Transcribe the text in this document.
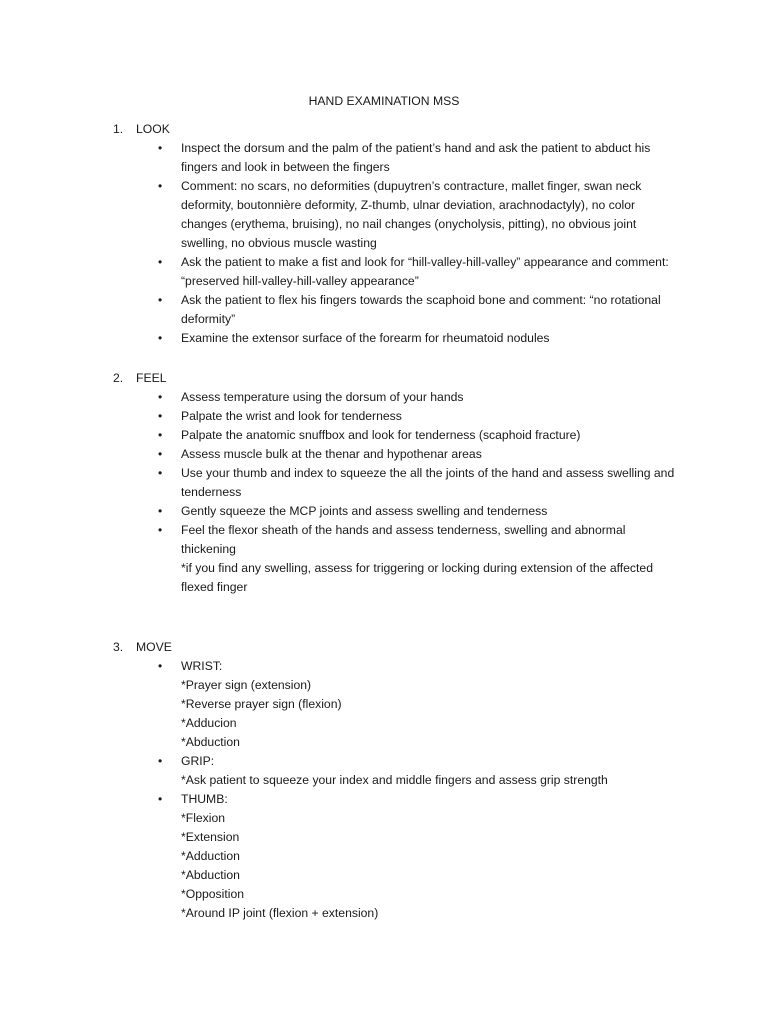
HAND EXAMINATION MSS
1. LOOK
• Inspect the dorsum and the palm of the patient’s hand and ask the patient to abduct his fingers and look in between the fingers
• Comment: no scars, no deformities (dupuytren’s contracture, mallet finger, swan neck deformity, boutonnière deformity, Z-thumb, ulnar deviation, arachnodactyly), no color changes (erythema, bruising), no nail changes (onycholysis, pitting), no obvious joint swelling, no obvious muscle wasting
• Ask the patient to make a fist and look for “hill-valley-hill-valley” appearance and comment: “preserved hill-valley-hill-valley appearance”
• Ask the patient to flex his fingers towards the scaphoid bone and comment: “no rotational deformity”
• Examine the extensor surface of the forearm for rheumatoid nodules
2. FEEL
• Assess temperature using the dorsum of your hands
• Palpate the wrist and look for tenderness
• Palpate the anatomic snuffbox and look for tenderness (scaphoid fracture)
• Assess muscle bulk at the thenar and hypothenar areas
• Use your thumb and index to squeeze the all the joints of the hand and assess swelling and tenderness
• Gently squeeze the MCP joints and assess swelling and tenderness
• Feel the flexor sheath of the hands and assess tenderness, swelling and abnormal thickening
*if you find any swelling, assess for triggering or locking during extension of the affected flexed finger
3. MOVE
• WRIST:
*Prayer sign (extension)
*Reverse prayer sign (flexion)
*Adducion
*Abduction
• GRIP:
*Ask patient to squeeze your index and middle fingers and assess grip strength
• THUMB:
*Flexion
*Extension
*Adduction
*Abduction
*Opposition
*Around IP joint (flexion + extension)
